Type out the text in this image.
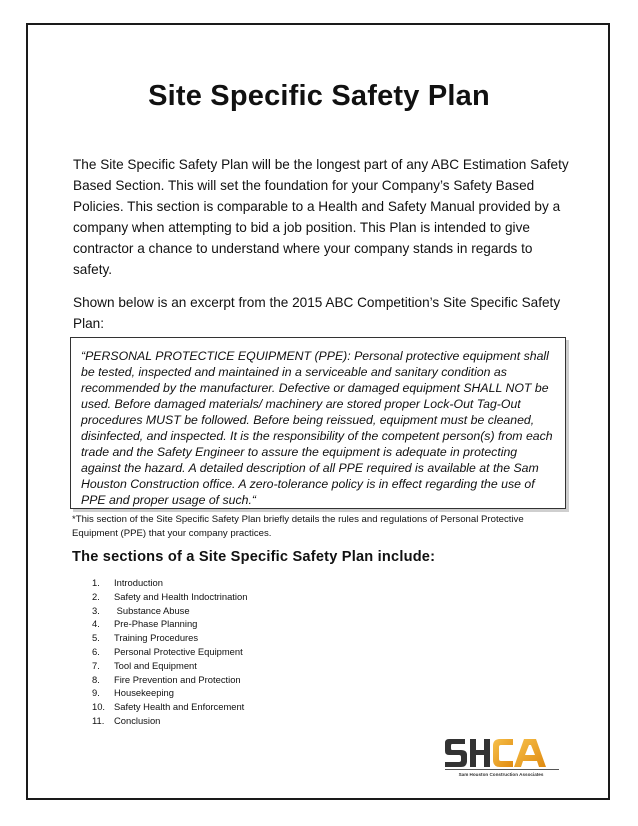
Site Specific Safety Plan

The Site Specific Safety Plan will be the longest part of any ABC Estimation Safety Based Section. This will set the foundation for your Company’s Safety Based Policies. This section is comparable to a Health and Safety Manual provided by a company when attempting to bid a job position. This Plan is intended to give contractor a chance to understand where your company stands in regards to safety.

Shown below is an excerpt from the 2015 ABC Competition’s Site Specific Safety Plan:

“PERSONAL PROTECTICE EQUIPMENT (PPE): Personal protective equipment shall be tested, inspected and maintained in a serviceable and sanitary condition as recommended by the manufacturer. Defective or damaged equipment SHALL NOT be used. Before damaged materials/ machinery are stored proper Lock-Out Tag-Out procedures MUST be followed. Before being reissued, equipment must be cleaned, disinfected, and inspected. It is the responsibility of the competent person(s) from each trade and the Safety Engineer to assure the equipment is adequate in protecting against the hazard. A detailed description of all PPE required is available at the Sam Houston Construction office. A zero-tolerance policy is in effect regarding the use of PPE and proper usage of such.“

*This section of the Site Specific Safety Plan briefly details the rules and regulations of Personal Protective Equipment (PPE) that your company practices.

The sections of a Site Specific Safety Plan include:
1.	Introduction
2.	Safety and Health Indoctrination
3.	Substance Abuse
4.	Pre-Phase Planning
5.	Training Procedures
6.	Personal Protective Equipment
7.	Tool and Equipment
8.	Fire Prevention and Protection
9.	Housekeeping
10. Safety Health and Enforcement
11.	Conclusion
Sam Houston Construction Associates
